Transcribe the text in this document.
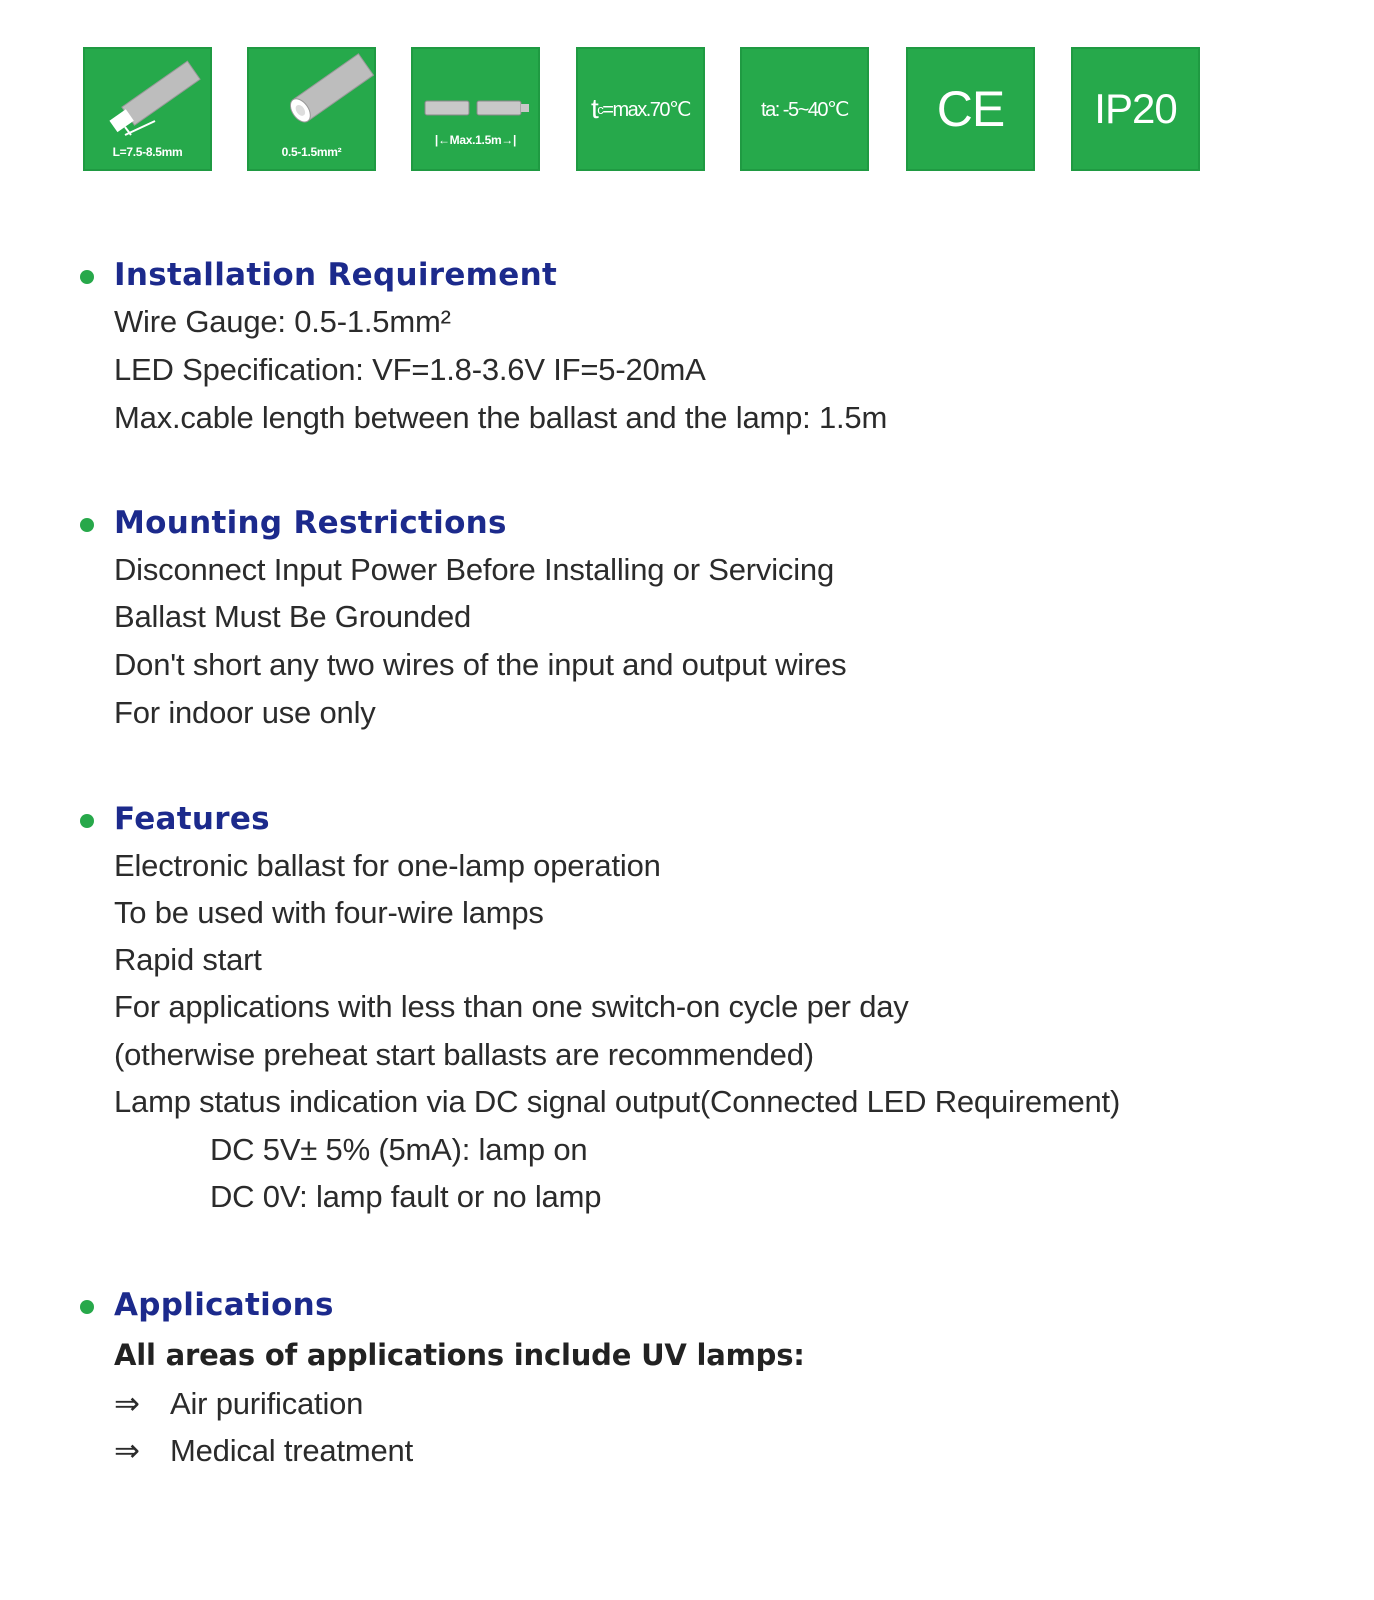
L=7.5-8.5mm	0.5-1.5mm²
|←Max.1.5m→|
t c =max.70℃	ta: -5~40℃	CE	IP20
Installation Requirement
Wire Gauge: 0.5-1.5mm²
LED Specification: VF=1.8-3.6V IF=5-20mA
Max.cable length between the ballast and the lamp: 1.5m
Mounting Restrictions
Disconnect Input Power Before Installing or Servicing
Ballast Must Be Grounded
Don't short any two wires of the input and output wires
For indoor use only
Features
Electronic ballast for one-lamp operation
To be used with four-wire lamps
Rapid start
For applications with less than one switch-on cycle per day
(otherwise preheat start ballasts are recommended)
Lamp status indication via DC signal output(Connected LED Requirement)
DC 5V± 5% (5mA): lamp on
DC 0V: lamp fault or no lamp
Applications
All areas of applications include UV lamps:
⇒ Air purification
⇒ Medical treatment
